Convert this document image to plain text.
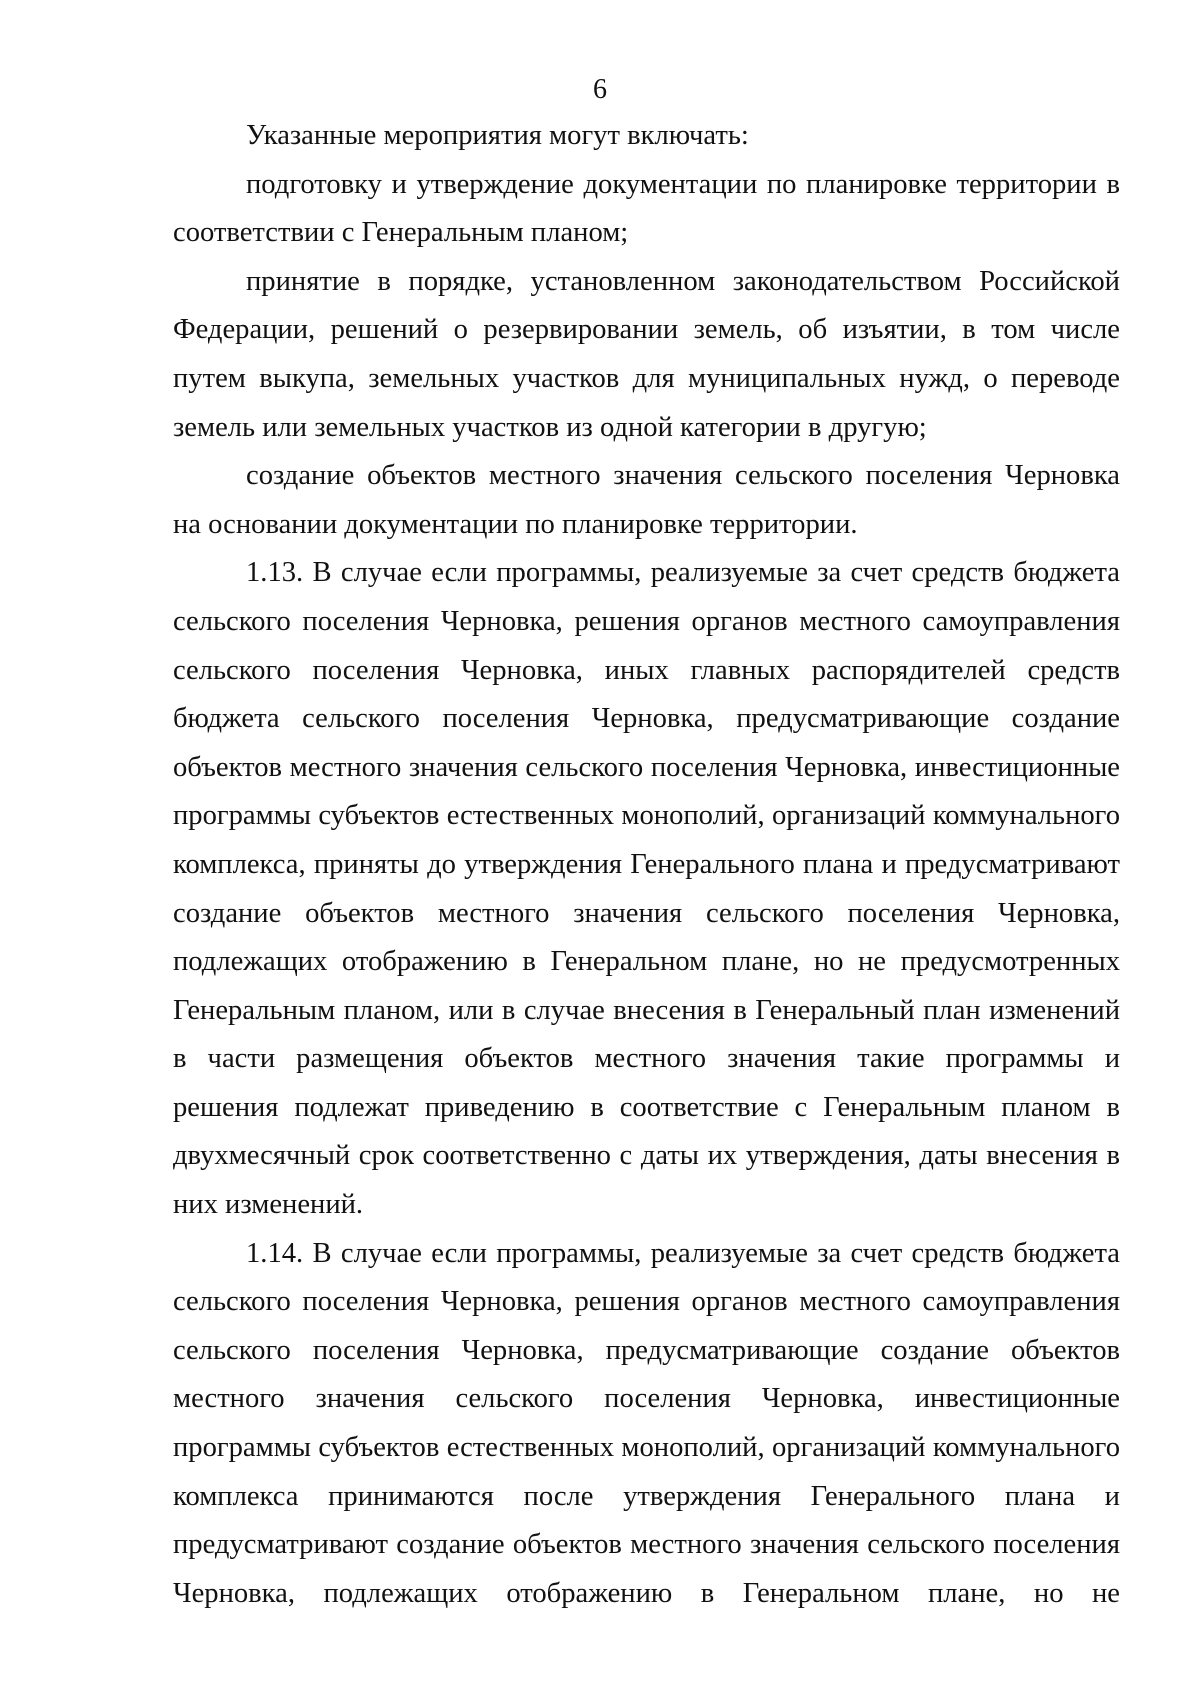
6

Указанные мероприятия могут включать:

подготовку и утверждение документации по планировке территории в соответствии с Генеральным планом;

принятие в порядке, установленном законодательством Российской Федерации, решений о резервировании земель, об изъятии, в том числе путем выкупа, земельных участков для муниципальных нужд, о переводе земель или земельных участков из одной категории в другую;

создание объектов местного значения сельского поселения Черновка на основании документации по планировке территории.

1.13. В случае если программы, реализуемые за счет средств бюджета сельского поселения Черновка, решения органов местного самоуправления сельского поселения Черновка, иных главных распорядителей средств бюджета сельского поселения Черновка, предусматривающие создание объектов местного значения сельского поселения Черновка, инвестиционные программы субъектов естественных монополий, организаций коммунального комплекса, приняты до утверждения Генерального плана и предусматривают создание объектов местного значения сельского поселения Черновка, подлежащих отображению в Генеральном плане, но не предусмотренных Генеральным планом, или в случае внесения в Генеральный план изменений в части размещения объектов местного значения такие программы и решения подлежат приведению в соответствие с Генеральным планом в двухмесячный срок соответственно с даты их утверждения, даты внесения в них изменений.

1.14. В случае если программы, реализуемые за счет средств бюджета сельского поселения Черновка, решения органов местного самоуправления сельского поселения Черновка, предусматривающие создание объектов местного значения сельского поселения Черновка, инвестиционные программы субъектов естественных монополий, организаций коммунального комплекса принимаются после утверждения Генерального плана и предусматривают создание объектов местного значения сельского поселения Черновка, подлежащих отображению в Генеральном плане, но не
